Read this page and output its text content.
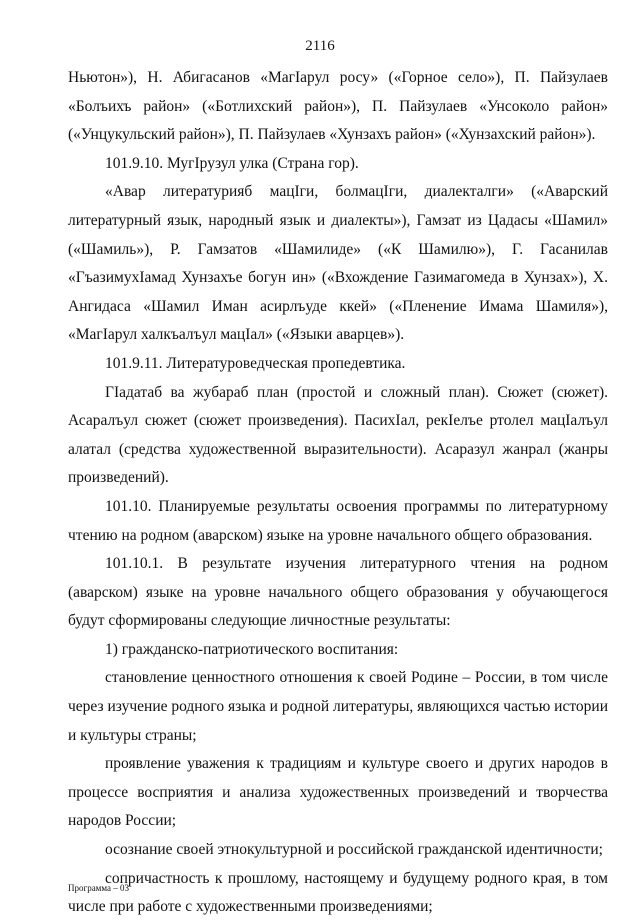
2116

Ньютон»), Н. Абигасанов «МагӀарул росу» («Горное село»), П. Пайзулаев «Болъихъ район» («Ботлихский район»), П. Пайзулаев «Унсоколо район» («Унцукульский район»), П. Пайзулаев «Хунзахъ район» («Хунзахский район»).

101.9.10. МугӀрузул улка (Страна гор).

«Авар литературияб мацӀги, болмацӀги, диалекталги» («Аварский литературный язык, народный язык и диалекты»), Гамзат из Цадасы «Шамил» («Шамиль»), Р. Гамзатов «Шамилиде» («К Шамилю»), Г. Гасанилав «ГъазимухӀамад Хунзахъе богун ин» («Вхождение Газимагомеда в Хунзах»), Х. Ангидаса «Шамил Иман асирлъуде ккей» («Пленение Имама Шамиля»), «МагӀарул халкъалъул мацӀал» («Языки аварцев»).

101.9.11. Литературоведческая пропедевтика.

ГӀадатаб ва жубараб план (простой и сложный план). Сюжет (сюжет). Асаралъул сюжет (сюжет произведения). ПасихӀал, рекӀелъе ртолел мацӀалъул алатал (средства художественной выразительности). Асаразул жанрал (жанры произведений).

101.10. Планируемые результаты освоения программы по литературному чтению на родном (аварском) языке на уровне начального общего образования.

101.10.1. В результате изучения литературного чтения на родном (аварском) языке на уровне начального общего образования у обучающегося будут сформированы следующие личностные результаты:

1) гражданско-патриотического воспитания:

становление ценностного отношения к своей Родине – России, в том числе через изучение родного языка и родной литературы, являющихся частью истории и культуры страны;

проявление уважения к традициям и культуре своего и других народов в процессе восприятия и анализа художественных произведений и творчества народов России;

осознание своей этнокультурной и российской гражданской идентичности;

сопричастность к прошлому, настоящему и будущему родного края, в том числе при работе с художественными произведениями;

Программа – 03
